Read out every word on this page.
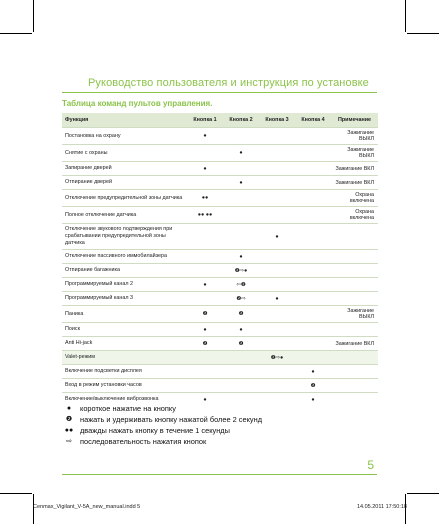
Руководство пользователя и инструкция по установке
Таблица команд пультов управления.
Функция	Кнопка 1	Кнопка 2	Кнопка 3	Кнопка 4	Примечание
Постановка на охрану	●				Зажигание ВЫКЛ
Снятие с охраны		●			Зажигание ВЫКЛ
Запирание дверей	●				Зажигание ВКЛ
Отпирание дверей		●			Зажигание ВКЛ
Отключение предупредительной зоны датчика	●●				Охрана включена
Полное отключение датчика	●● ●●				Охрана включена
Отключение звукового подтверждения при срабатывании предупредительной зоны датчика			●		
Отключение пассивного иммобилайзера		●			
Отпирание багажника		❷⇨●			
Программируемый канал 2	●	⇦❷			
Программируемый канал 3		❷⇨	●		
Паника	❷	❷			Зажигание ВЫКЛ
Поиск	●	●			
Anti Hi-jack	❷	❷			Зажигание ВКЛ
Valet-режим			❷⇨●		
Включение подсветки дисплея				●	
Вход в режим установки часов				❷	
Включение/выключение виброзвонка	●			●	
●	короткое нажатие на кнопку
❷	нажать и удерживать кнопку нажатой более 2 секунд
●● дважды нажать кнопку в течение 1 секунды
⇨	последовательность нажатия кнопок
5
Cenmax_Vigilant_V-5A_new_manual.indd 5	14.05.2011 17:50:18
